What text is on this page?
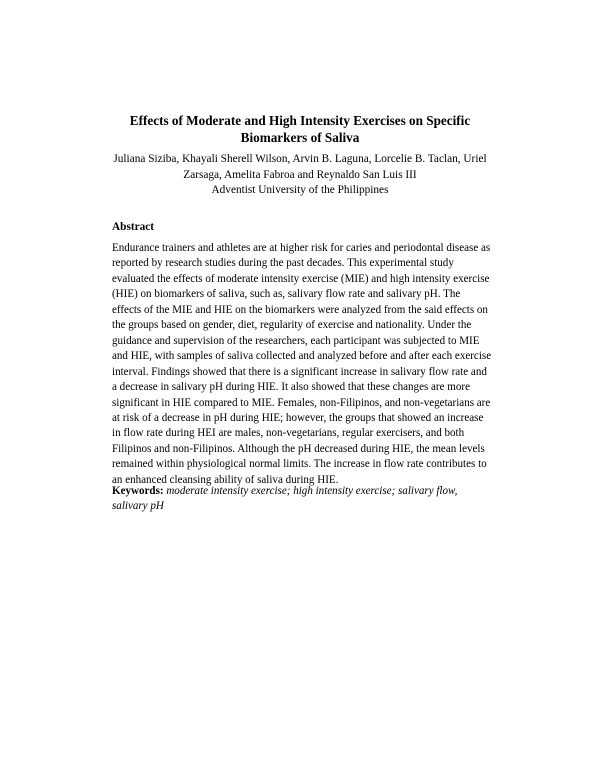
Effects of Moderate and High Intensity Exercises on Specific
Biomarkers of Saliva
Juliana Siziba, Khayali Sherell Wilson, Arvin B. Laguna, Lorcelie B. Taclan, Uriel
Zarsaga, Amelita Fabroa and Reynaldo San Luis III
Adventist University of the Philippines
Abstract
Endurance trainers and athletes are at higher risk for caries and periodontal disease as
reported by research studies during the past decades. This experimental study
evaluated the effects of moderate intensity exercise (MIE) and high intensity exercise
(HIE) on biomarkers of saliva, such as, salivary flow rate and salivary pH. The
effects of the MIE and HIE on the biomarkers were analyzed from the said effects on
the groups based on gender, diet, regularity of exercise and nationality. Under the
guidance and supervision of the researchers, each participant was subjected to MIE
and HIE, with samples of saliva collected and analyzed before and after each exercise
interval. Findings showed that there is a significant increase in salivary flow rate and
a decrease in salivary pH during HIE. It also showed that these changes are more
significant in HIE compared to MIE. Females, non-Filipinos, and non-vegetarians are
at risk of a decrease in pH during HIE; however, the groups that showed an increase
in flow rate during HEI are males, non-vegetarians, regular exercisers, and both
Filipinos and non-Filipinos. Although the pH decreased during HIE, the mean levels
remained within physiological normal limits. The increase in flow rate contributes to
an enhanced cleansing ability of saliva during HIE.
Keywords: moderate intensity exercise; high intensity exercise; salivary flow,
salivary pH
